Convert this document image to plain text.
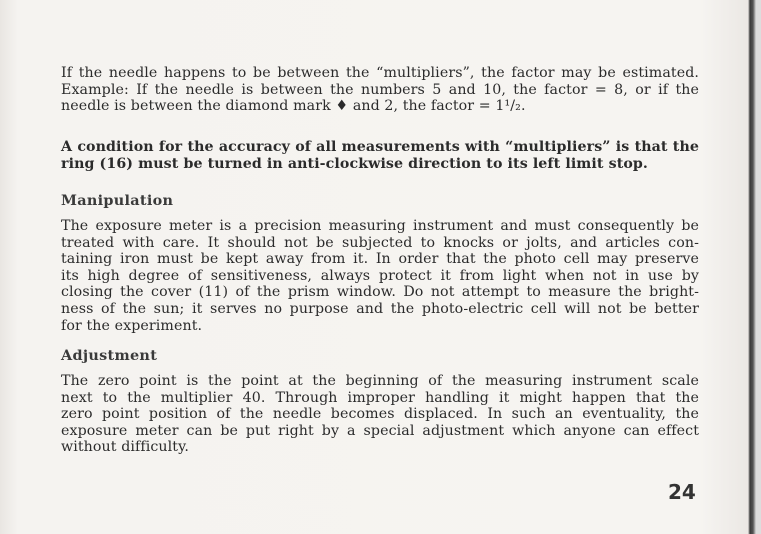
If the needle happens to be between the “multipliers”, the factor may be estimated.
Example: If the needle is between the numbers 5 and 10, the factor = 8, or if the
needle is between the diamond mark ♦ and 2, the factor = 1¹/₂.
A condition for the accuracy of all measurements with “multipliers” is that the
ring (16) must be turned in anti-clockwise direction to its left limit stop.
Manipulation
The exposure meter is a precision measuring instrument and must consequently be
treated with care. It should not be subjected to knocks or jolts, and articles con-
taining iron must be kept away from it. In order that the photo cell may preserve
its high degree of sensitiveness, always protect it from light when not in use by
closing the cover (11) of the prism window. Do not attempt to measure the bright-
ness of the sun; it serves no purpose and the photo-electric cell will not be better
for the experiment.
Adjustment
The zero point is the point at the beginning of the measuring instrument scale
next to the multiplier 40. Through improper handling it might happen that the
zero point position of the needle becomes displaced. In such an eventuality, the
exposure meter can be put right by a special adjustment which anyone can effect
without difficulty.
24
